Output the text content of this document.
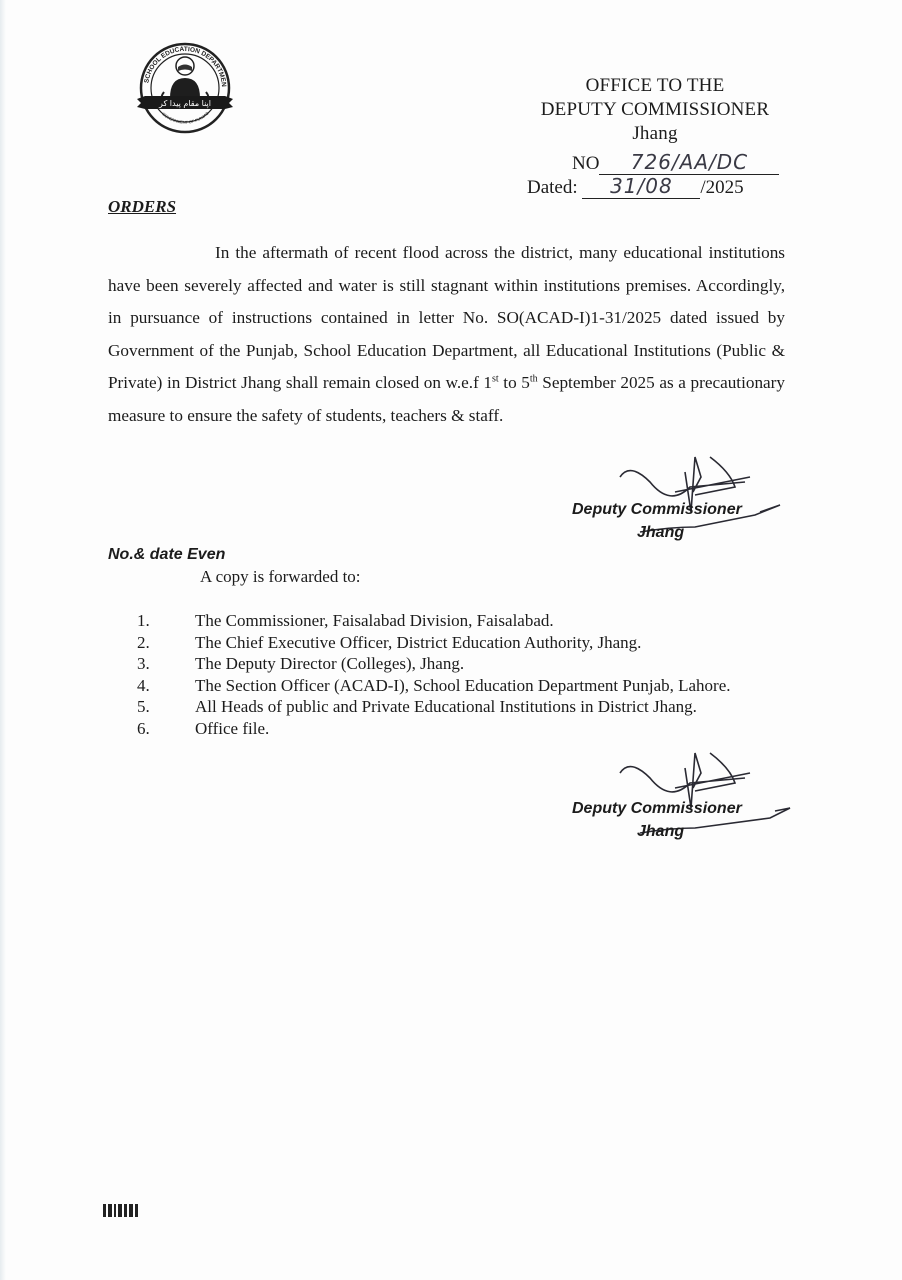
SCHOOL EDUCATION DEPARTMEN
GOVERNMENT OF PUNJAB
اپنا مقام پیدا کر
OFFICE TO THE
DEPUTY COMMISSIONER
Jhang
NO 726/AA/DC
Dated: 31/08 /2025
ORDERS

In the aftermath of recent flood across the district, many educational institutions have been severely affected and water is still stagnant within institutions premises. Accordingly, in pursuance of instructions contained in letter No. SO(ACAD-I)1-31/2025 dated issued by Government of the Punjab, School Education Department, all Educational Institutions (Public & Private) in District Jhang shall remain closed on w.e.f 1st to 5th September 2025 as a precautionary measure to ensure the safety of students, teachers & staff.

Deputy Commissioner
Jhang
No.& date Even
A copy is forwarded to:
1.	The Commissioner, Faisalabad Division, Faisalabad.
2.	The Chief Executive Officer, District Education Authority, Jhang.
3.	The Deputy Director (Colleges), Jhang.
4.	The Section Officer (ACAD-I), School Education Department Punjab, Lahore.
5.	All Heads of public and Private Educational Institutions in District Jhang.
6.	Office file.
Deputy Commissioner
Jhang
